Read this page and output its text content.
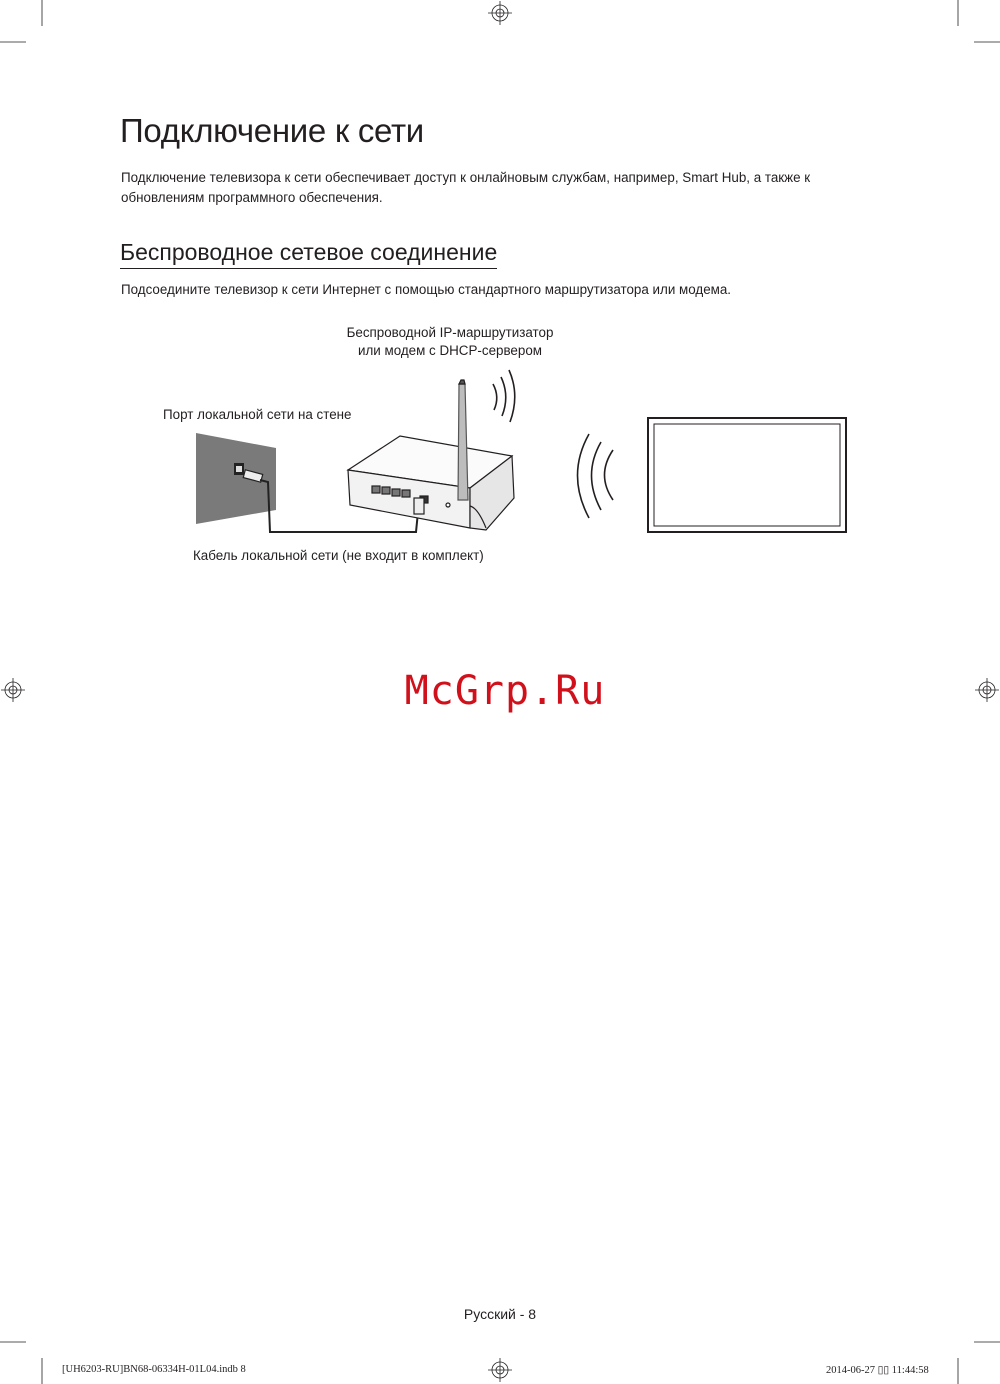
Подключение к сети

Подключение телевизора к сети обеспечивает доступ к онлайновым службам, например, Smart Hub, а также к обновлениям программного обеспечения.

Беспроводное сетевое соединение

Подсоедините телевизор к сети Интернет с помощью стандартного маршрутизатора или модема.

Беспроводной IP-маршрутизатор
или модем с DHCP-сервером
Порт локальной сети на стене
Кабель локальной сети (не входит в комплект)
McGrp.Ru
Русский - 8
[UH6203-RU]BN68-06334H-01L04.indb 8	2014-06-27 ▯▯ 11:44:58
